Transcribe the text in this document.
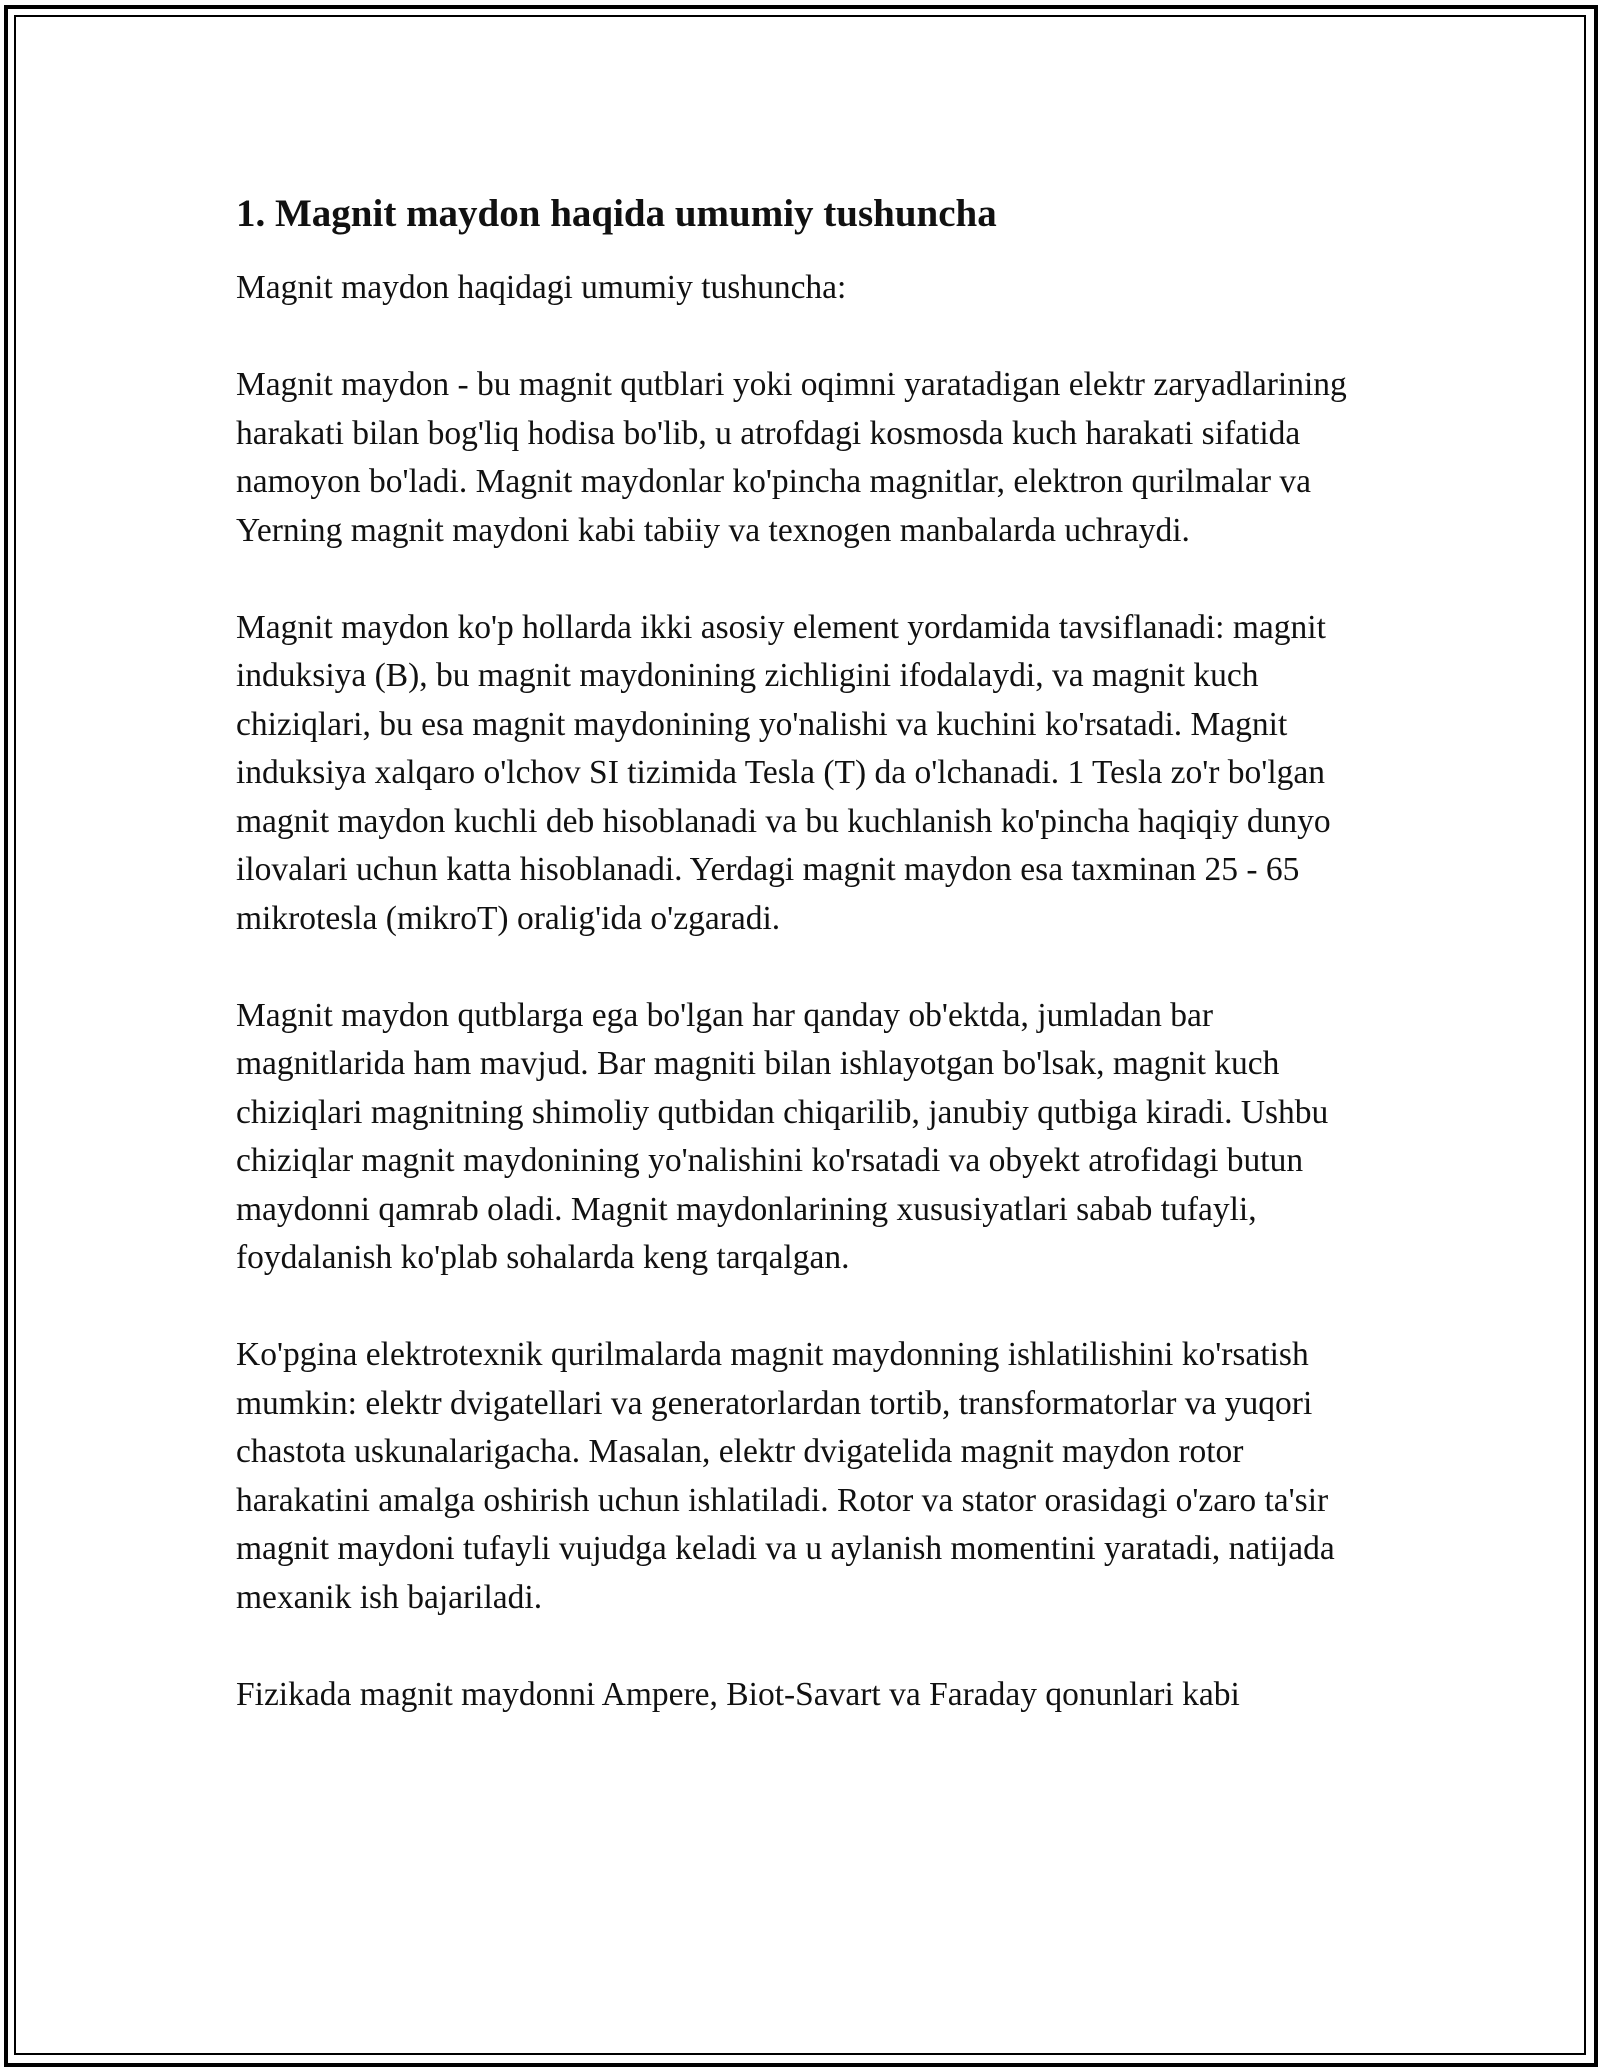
1. Magnit maydon haqida umumiy tushuncha

Magnit maydon haqidagi umumiy tushuncha:

Magnit maydon - bu magnit qutblari yoki oqimni yaratadigan elektr zaryadlarining harakati bilan bog'liq hodisa bo'lib, u atrofdagi kosmosda kuch harakati sifatida namoyon bo'ladi. Magnit maydonlar ko'pincha magnitlar, elektron qurilmalar va Yerning magnit maydoni kabi tabiiy va texnogen manbalarda uchraydi.

Magnit maydon ko'p hollarda ikki asosiy element yordamida tavsiflanadi: magnit induksiya (B), bu magnit maydonining zichligini ifodalaydi, va magnit kuch chiziqlari, bu esa magnit maydonining yo'nalishi va kuchini ko'rsatadi. Magnit induksiya xalqaro o'lchov SI tizimida Tesla (T) da o'lchanadi. 1 Tesla zo'r bo'lgan magnit maydon kuchli deb hisoblanadi va bu kuchlanish ko'pincha haqiqiy dunyo ilovalari uchun katta hisoblanadi. Yerdagi magnit maydon esa taxminan 25 - 65 mikrotesla (mikroT) oralig'ida o'zgaradi.

Magnit maydon qutblarga ega bo'lgan har qanday ob'ektda, jumladan bar magnitlarida ham mavjud. Bar magniti bilan ishlayotgan bo'lsak, magnit kuch chiziqlari magnitning shimoliy qutbidan chiqarilib, janubiy qutbiga kiradi. Ushbu chiziqlar magnit maydonining yo'nalishini ko'rsatadi va obyekt atrofidagi butun maydonni qamrab oladi. Magnit maydonlarining xususiyatlari sabab tufayli, foydalanish ko'plab sohalarda keng tarqalgan.

Ko'pgina elektrotexnik qurilmalarda magnit maydonning ishlatilishini ko'rsatish mumkin: elektr dvigatellari va generatorlardan tortib, transformatorlar va yuqori chastota uskunalarigacha. Masalan, elektr dvigatelida magnit maydon rotor harakatini amalga oshirish uchun ishlatiladi. Rotor va stator orasidagi o'zaro ta'sir magnit maydoni tufayli vujudga keladi va u aylanish momentini yaratadi, natijada mexanik ish bajariladi.

Fizikada magnit maydonni Ampere, Biot-Savart va Faraday qonunlari kabi
